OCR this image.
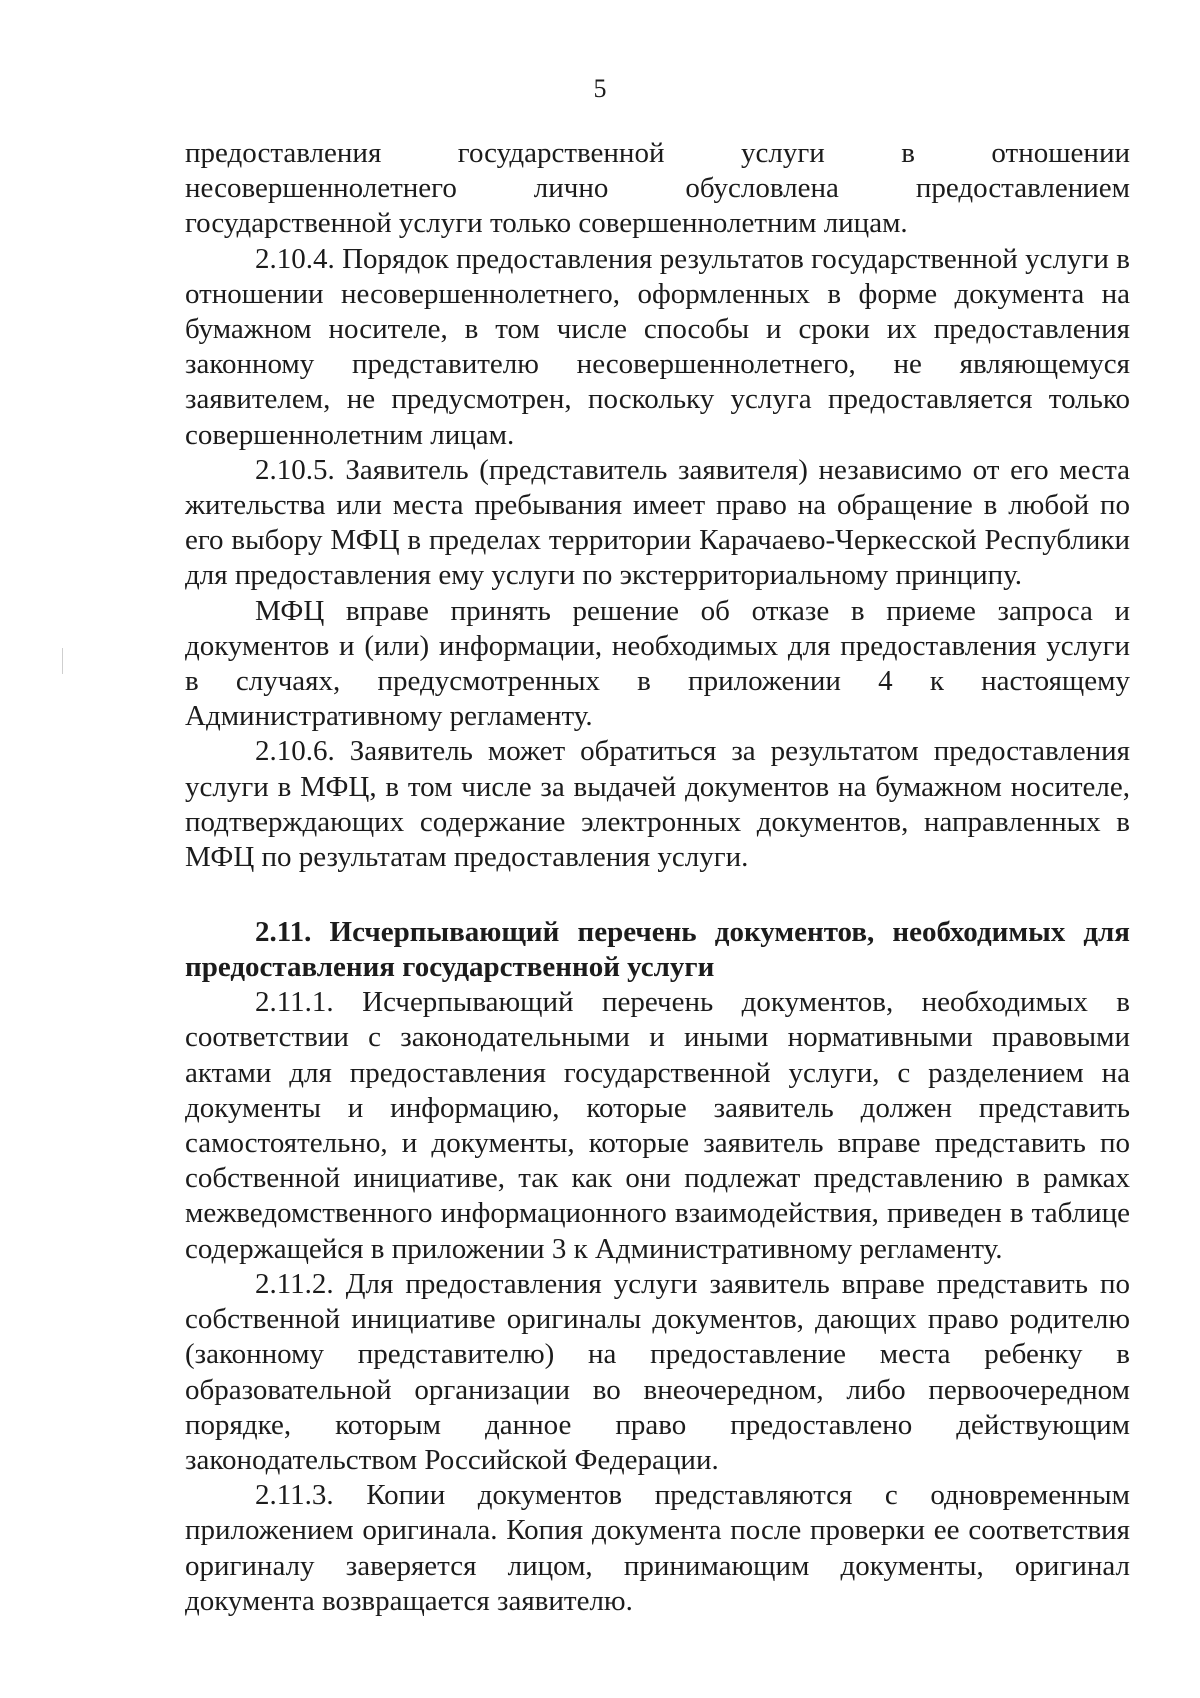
5

предоставления государственной услуги в отношении несовершеннолетнего лично обусловлена предоставлением государственной услуги только совершеннолетним лицам.

2.10.4. Порядок предоставления результатов государственной услуги в отношении несовершеннолетнего, оформленных в форме документа на бумажном носителе, в том числе способы и сроки их предоставления законному представителю несовершеннолетнего, не являющемуся заявителем, не предусмотрен, поскольку услуга предоставляется только совершеннолетним лицам.

2.10.5. Заявитель (представитель заявителя) независимо от его места жительства или места пребывания имеет право на обращение в любой по его выбору МФЦ в пределах территории Карачаево-Черкесской Республики для предоставления ему услуги по экстерриториальному принципу.

МФЦ вправе принять решение об отказе в приеме запроса и документов и (или) информации, необходимых для предоставления услуги в случаях, предусмотренных в приложении 4 к настоящему Административному регламенту.

2.10.6. Заявитель может обратиться за результатом предоставления услуги в МФЦ, в том числе за выдачей документов на бумажном носителе, подтверждающих содержание электронных документов, направленных в МФЦ по результатам предоставления услуги.

2.11. Исчерпывающий перечень документов, необходимых для предоставления государственной услуги

2.11.1. Исчерпывающий перечень документов, необходимых в соответствии с законодательными и иными нормативными правовыми актами для предоставления государственной услуги, с разделением на документы и информацию, которые заявитель должен представить самостоятельно, и документы, которые заявитель вправе представить по собственной инициативе, так как они подлежат представлению в рамках межведомственного информационного взаимодействия, приведен в таблице содержащейся в приложении 3 к Административному регламенту.

2.11.2. Для предоставления услуги заявитель вправе представить по собственной инициативе оригиналы документов, дающих право родителю (законному представителю) на предоставление места ребенку в образовательной организации во внеочередном, либо первоочередном порядке, которым данное право предоставлено действующим законодательством Российской Федерации.

2.11.3. Копии документов представляются с одновременным приложением оригинала. Копия документа после проверки ее соответствия оригиналу заверяется лицом, принимающим документы, оригинал документа возвращается заявителю.
